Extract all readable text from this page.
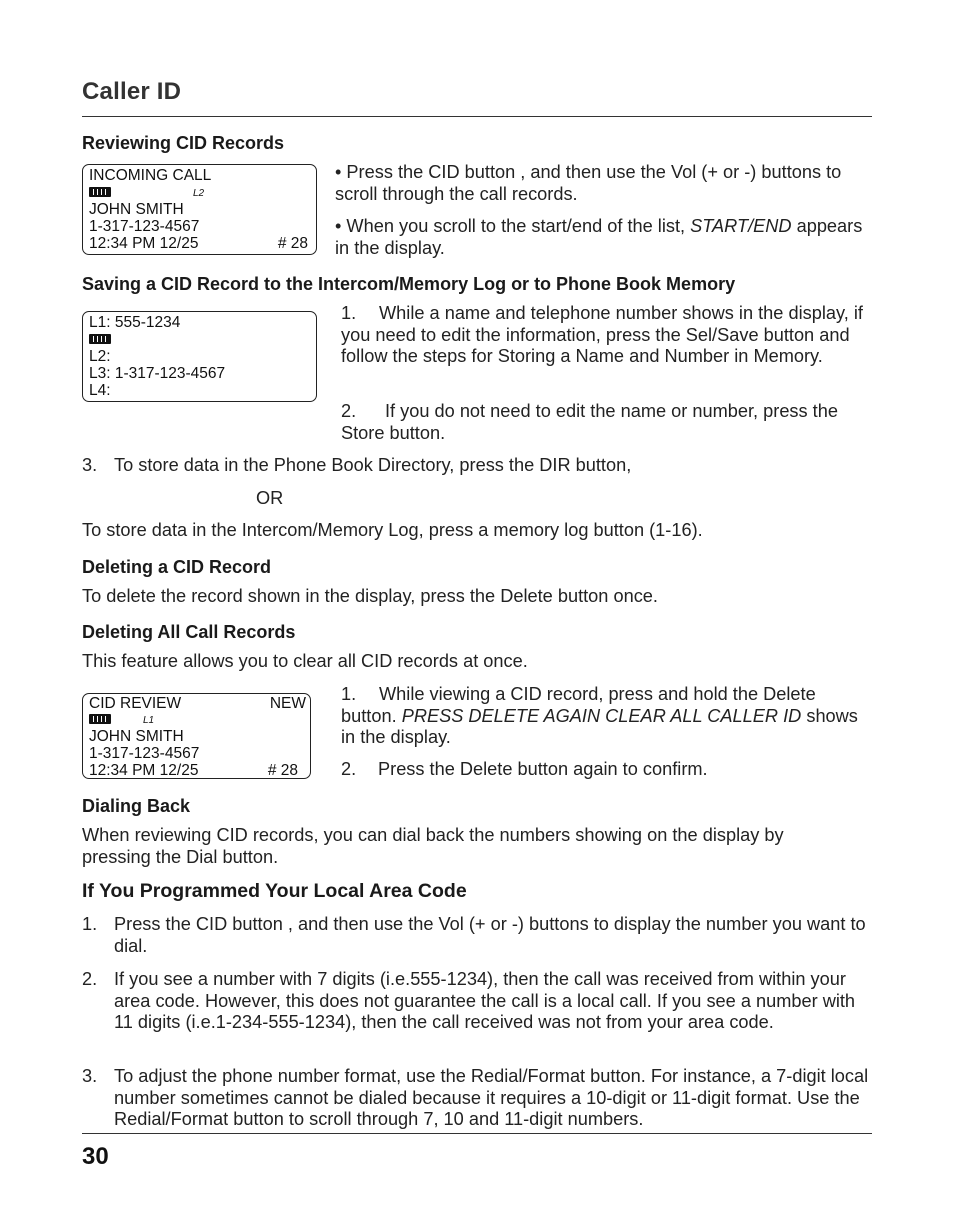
Caller ID
Reviewing CID Records
INCOMING CALL
L2
JOHN SMITH
1-317-123-4567
12:34 PM 12/25	# 28
• Press the CID button , and then use the Vol (+ or -) buttons to scroll through the call records.
• When you scroll to the start/end of the list, START/END appears in the display.
Saving a CID Record to the Intercom/Memory Log or to Phone Book Memory
L1: 555-1234
L2:
L3: 1-317-123-4567
L4:
1.	While a name and telephone number shows in the display, if you need to edit the information, press the Sel/Save button and follow the steps for Storing a Name and Number in Memory.
2.	If you do not need to edit the name or number, press the Store button.
3. To store data in the Phone Book Directory, press the DIR button,
OR
To store data in the Intercom/Memory Log, press a memory log button (1-16).
Deleting a CID Record
To delete the record shown in the display, press the Delete button once.
Deleting All Call Records
This feature allows you to clear all CID records at once.
CID REVIEW	NEW
L1
JOHN SMITH
1-317-123-4567
12:34 PM 12/25	# 28
1.	While viewing a CID record, press and hold the Delete button. PRESS DELETE AGAIN CLEAR ALL CALLER ID shows in the display.
2.	Press the Delete button again to confirm.
Dialing Back
When reviewing CID records, you can dial back the numbers showing on the display by pressing the Dial button.
If You Programmed Your Local Area Code
1. Press the CID button , and then use the Vol (+ or -) buttons to display the number you want to dial.
2. If you see a number with 7 digits (i.e.555-1234), then the call was received from within your area code. However, this does not guarantee the call is a local call. If you see a number with 11 digits (i.e.1-234-555-1234), then the call received was not from your area code.
3. To adjust the phone number format, use the Redial/Format button. For instance, a 7-digit local number sometimes cannot be dialed because it requires a 10-digit or 11-digit format. Use the Redial/Format button to scroll through 7, 10 and 11-digit numbers.
30
